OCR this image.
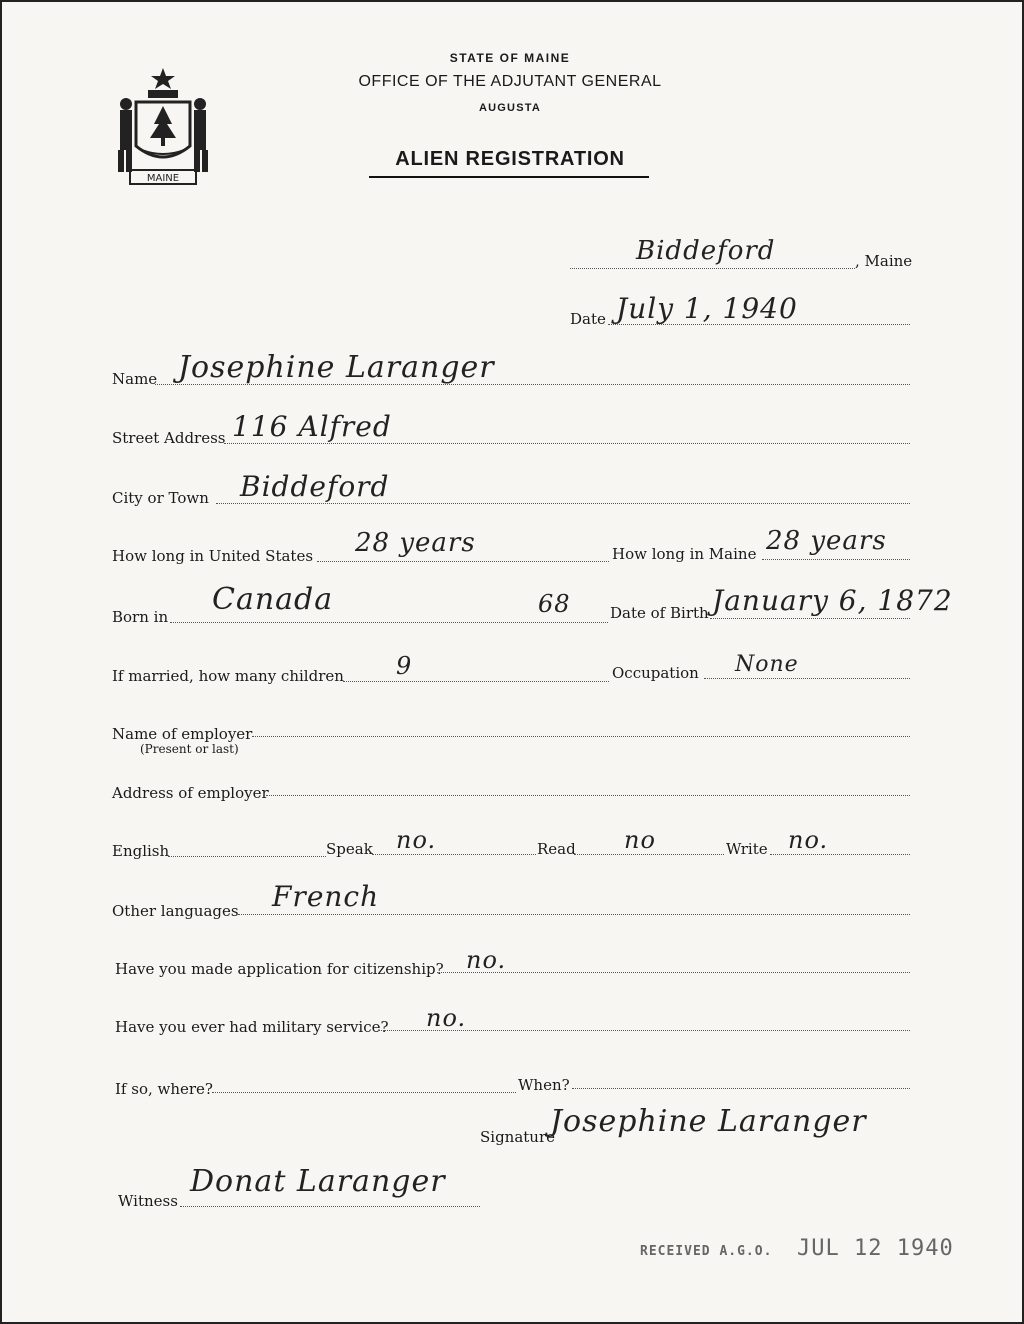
MAINE
STATE OF MAINE
OFFICE OF THE ADJUTANT GENERAL
AUGUSTA
ALIEN REGISTRATION
Biddeford	, Maine
Date July 1, 1940
Name Josephine Laranger
Street Address 116 Alfred
City or Town Biddeford
How long in United States 28 years	How long in Maine 28 years
Born in Canada	68	Date of Birth January 6, 1872
If married, how many children 9	Occupation None
Name of employer
(Present or last)
Address of employer
English	Speak no.	Read no	Write no.
Other languages French
Have you made application for citizenship? no.
Have you ever had military service? no.
If so, where?	When?
Signature
Josephine Laranger
Witness
Donat Laranger
RECEIVED A.G.O. JUL 12 1940
